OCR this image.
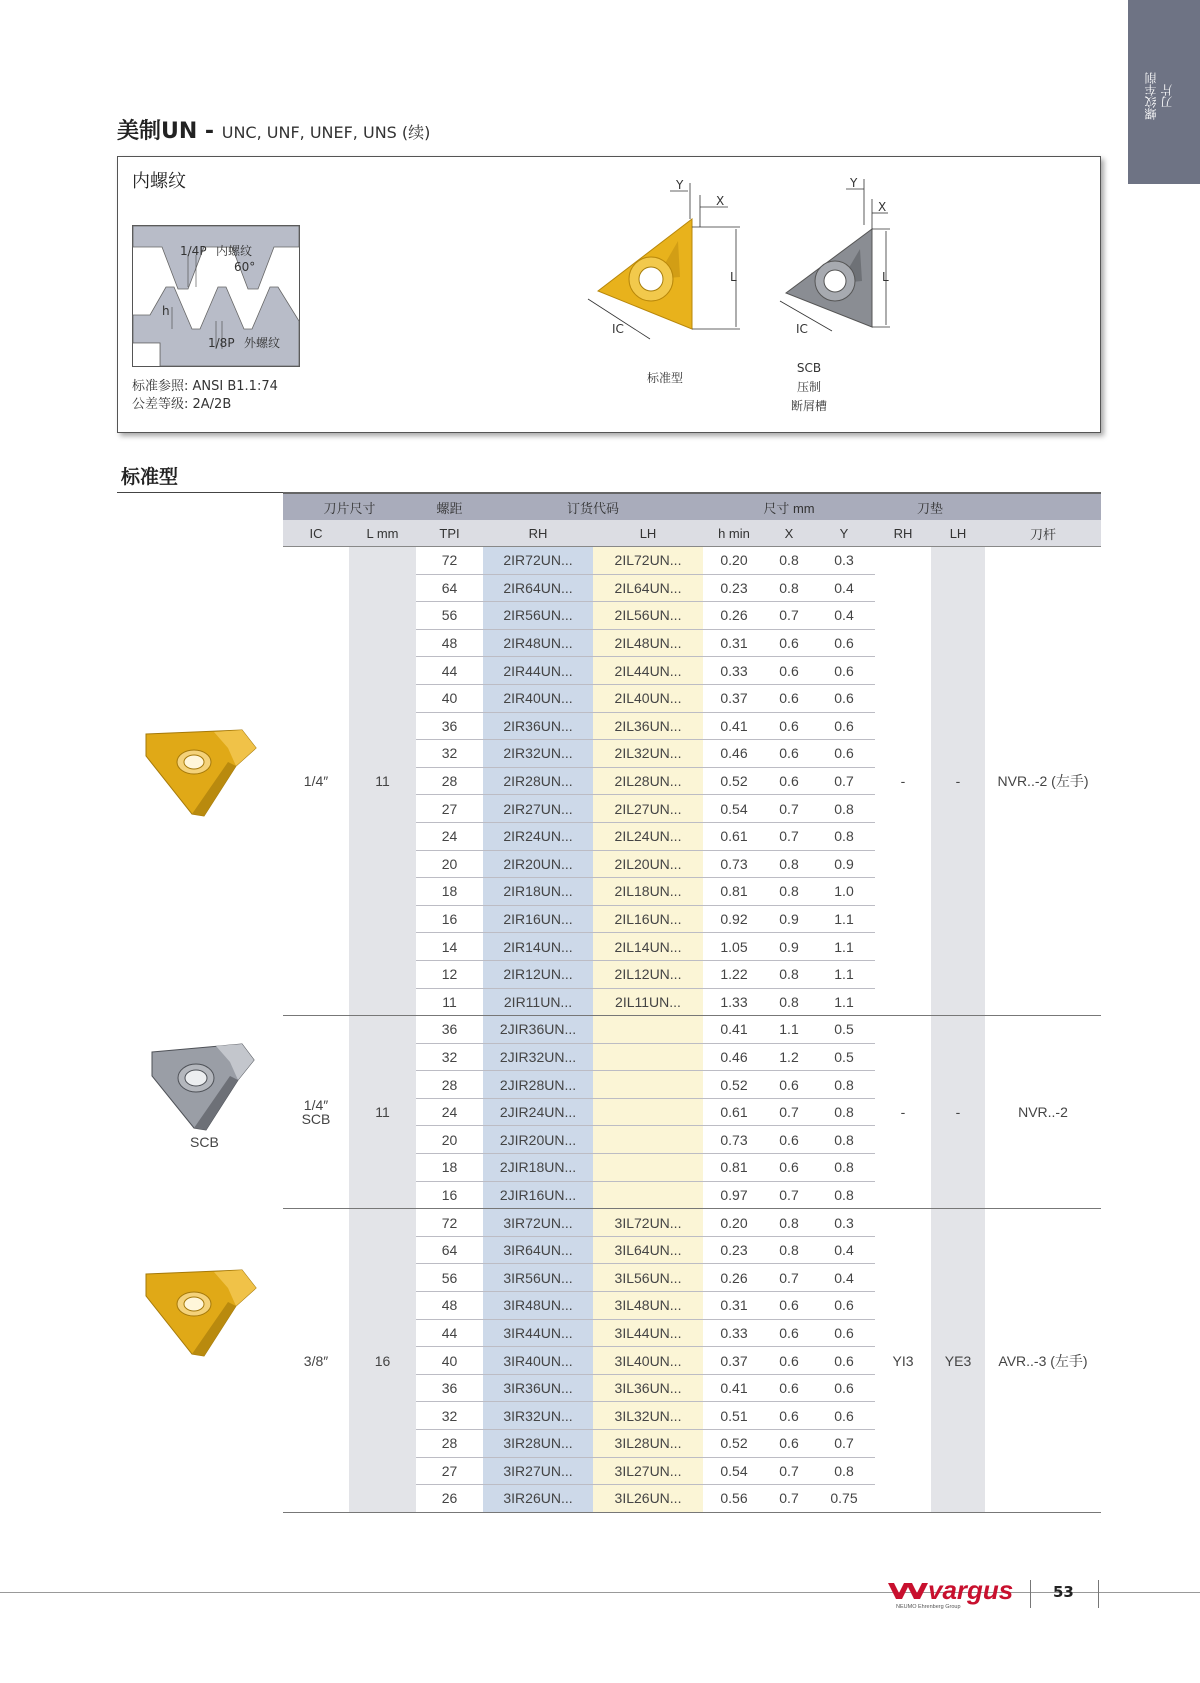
螺纹车削 刀片
美制UN - UNC, UNF, UNEF, UNS (续)
内螺纹
1/4P 内螺纹
60°
h
1/8P 外螺纹
标准参照: ANSI B1.1:74
公差等级: 2A/2B
Y
X
L
IC
Y
X
L
IC
标准型
SCB
压制
断屑槽
标准型
SCB
刀片尺寸		螺距	订货代码		尺寸 mm			刀垫		
IC	L mm	TPI	RH	LH	h min	X	Y	RH	LH	刀杆

1/4″	11	72	2IR72UN...	2IL72UN...	0.20	0.8	0.3	-	-	NVR..-2 (左手)
		64	2IR64UN...	2IL64UN...	0.23	0.8	0.4			
		56	2IR56UN...	2IL56UN...	0.26	0.7	0.4			
		48	2IR48UN...	2IL48UN...	0.31	0.6	0.6			
		44	2IR44UN...	2IL44UN...	0.33	0.6	0.6			
		40	2IR40UN...	2IL40UN...	0.37	0.6	0.6			
		36	2IR36UN...	2IL36UN...	0.41	0.6	0.6			
		32	2IR32UN...	2IL32UN...	0.46	0.6	0.6			
		28	2IR28UN...	2IL28UN...	0.52	0.6	0.7			
		27	2IR27UN...	2IL27UN...	0.54	0.7	0.8			
		24	2IR24UN...	2IL24UN...	0.61	0.7	0.8			
		20	2IR20UN...	2IL20UN...	0.73	0.8	0.9			
		18	2IR18UN...	2IL18UN...	0.81	0.8	1.0			
		16	2IR16UN...	2IL16UN...	0.92	0.9	1.1			
		14	2IR14UN...	2IL14UN...	1.05	0.9	1.1			
		12	2IR12UN...	2IL12UN...	1.22	0.8	1.1			
		11	2IR11UN...	2IL11UN...	1.33	0.8	1.1			

1/4″
SCB	11	36	2JIR36UN...		0.41	1.1	0.5	-	-	NVR..-2
		32	2JIR32UN...		0.46	1.2	0.5			
		28	2JIR28UN...		0.52	0.6	0.8			
		24	2JIR24UN...		0.61	0.7	0.8			
		20	2JIR20UN...		0.73	0.6	0.8			
		18	2JIR18UN...		0.81	0.6	0.8			
		16	2JIR16UN...		0.97	0.7	0.8			

3/8″	16	72	3IR72UN...	3IL72UN...	0.20	0.8	0.3	YI3	YE3	AVR..-3 (左手)
		64	3IR64UN...	3IL64UN...	0.23	0.8	0.4			
		56	3IR56UN...	3IL56UN...	0.26	0.7	0.4			
		48	3IR48UN...	3IL48UN...	0.31	0.6	0.6			
		44	3IR44UN...	3IL44UN...	0.33	0.6	0.6			
		40	3IR40UN...	3IL40UN...	0.37	0.6	0.6			
		36	3IR36UN...	3IL36UN...	0.41	0.6	0.6			
		32	3IR32UN...	3IL32UN...	0.51	0.6	0.6			
		28	3IR28UN...	3IL28UN...	0.52	0.6	0.7			
		27	3IR27UN...	3IL27UN...	0.54	0.7	0.8			
		26	3IR26UN...	3IL26UN...	0.56	0.7	0.75			
vargus
NEUMO Ehrenberg Group
53
